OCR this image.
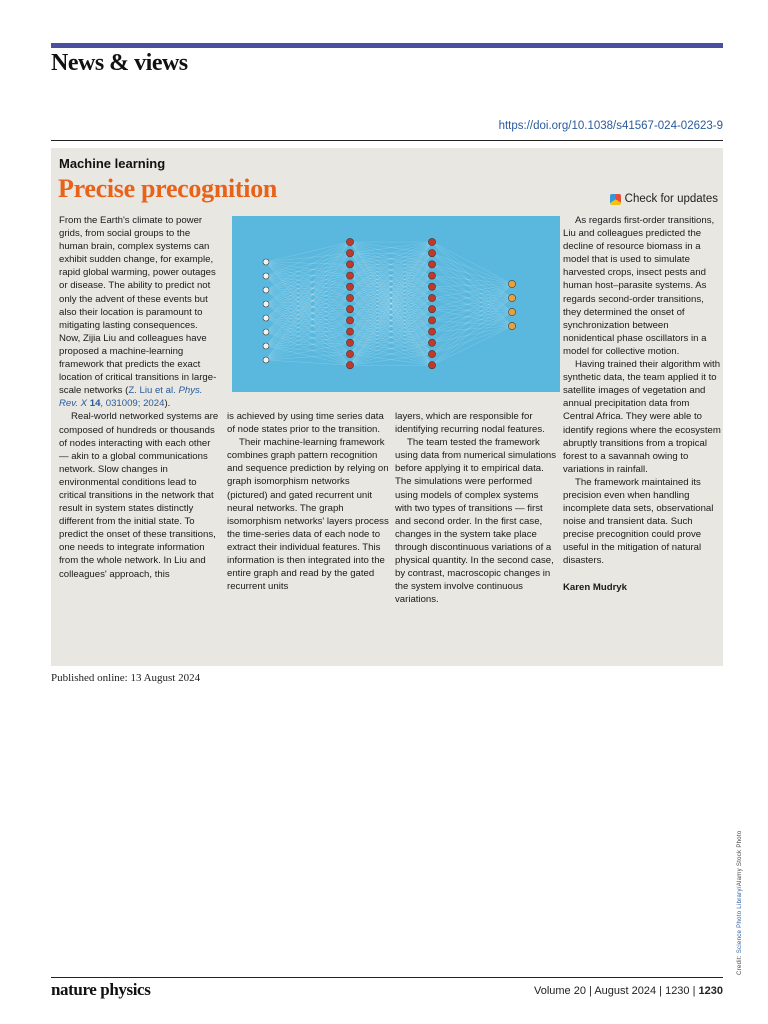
News & views
https://doi.org/10.1038/s41567-024-02623-9
Machine learning
Precise precognition	Check for updates

From the Earth's climate to power grids, from social groups to the human brain, complex systems can exhibit sudden change, for example, rapid global warming, power outages or disease. The ability to predict not only the advent of these events but also their location is paramount to mitigating lasting consequences. Now, Zijia Liu and colleagues have proposed a machine-learning framework that predicts the exact location of critical transitions in large-scale networks (Z. Liu et al. Phys. Rev. X 14, 031009; 2024).

Real-world networked systems are composed of hundreds or thousands of nodes interacting with each other — akin to a global communications network. Slow changes in environmental conditions lead to critical transitions in the network that result in system states distinctly different from the initial state. To predict the onset of these transitions, one needs to integrate information from the whole network. In Liu and colleagues' approach, this

is achieved by using time series data of node states prior to the transition.

Their machine-learning framework combines graph pattern recognition and sequence prediction by relying on graph isomorphism networks (pictured) and gated recurrent unit neural networks. The graph isomorphism networks' layers process the time-series data of each node to extract their individual features. This information is then integrated into the entire graph and read by the gated recurrent units

layers, which are responsible for identifying recurring nodal features.

The team tested the framework using data from numerical simulations before applying it to empirical data. The simulations were performed using models of complex systems with two types of transitions — first and second order. In the first case, changes in the system take place through discontinuous variations of a physical quantity. In the second case, by contrast, macroscopic changes in the system involve continuous variations.

As regards first-order transitions, Liu and colleagues predicted the decline of resource biomass in a model that is used to simulate harvested crops, insect pests and human host–parasite systems. As regards second-order transitions, they determined the onset of synchronization between nonidentical phase oscillators in a model for collective motion.

Having trained their algorithm with synthetic data, the team applied it to satellite images of vegetation and annual precipitation data from Central Africa. They were able to identify regions where the ecosystem abruptly transitions from a tropical forest to a savannah owing to variations in rainfall.

The framework maintained its precision even when handling incomplete data sets, observational noise and transient data. Such precise precognition could prove useful in the mitigation of natural disasters.

Karen Mudryk

Published online: 13 August 2024
Credit: Science Photo Library/Alamy Stock Photo
nature physics	Volume 20 | August 2024 | 1230 | 1230
